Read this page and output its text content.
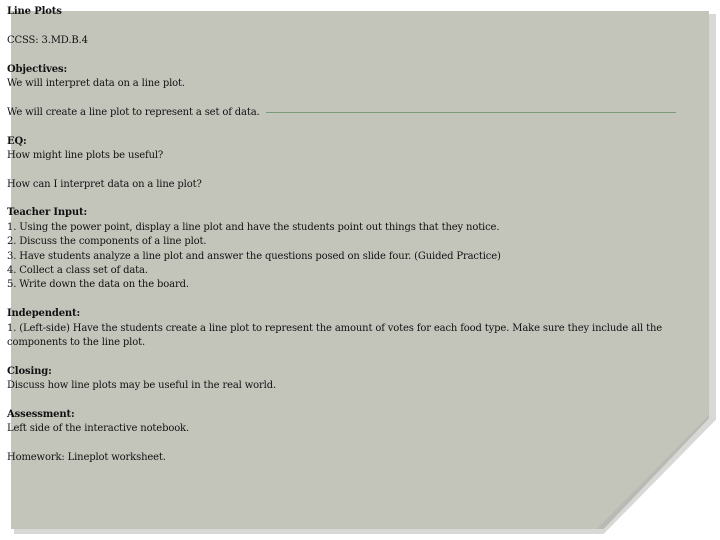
Line Plots
CCSS: 3.MD.B.4
Objectives:
We will interpret data on a line plot.
We will create a line plot to represent a set of data.
EQ:
How might line plots be useful?
How can I interpret data on a line plot?
Teacher Input:
1. Using the power point, display a line plot and have the students point out things that they notice.
2. Discuss the components of a line plot.
3. Have students analyze a line plot and answer the questions posed on slide four. (Guided Practice)
4. Collect a class set of data.
5. Write down the data on the board.
Independent:
1. (Left-side) Have the students create a line plot to represent the amount of votes for each food type. Make sure they include all the components to the line plot.
Closing:
Discuss how line plots may be useful in the real world.
Assessment:
Left side of the interactive notebook.
Homework: Lineplot worksheet.
